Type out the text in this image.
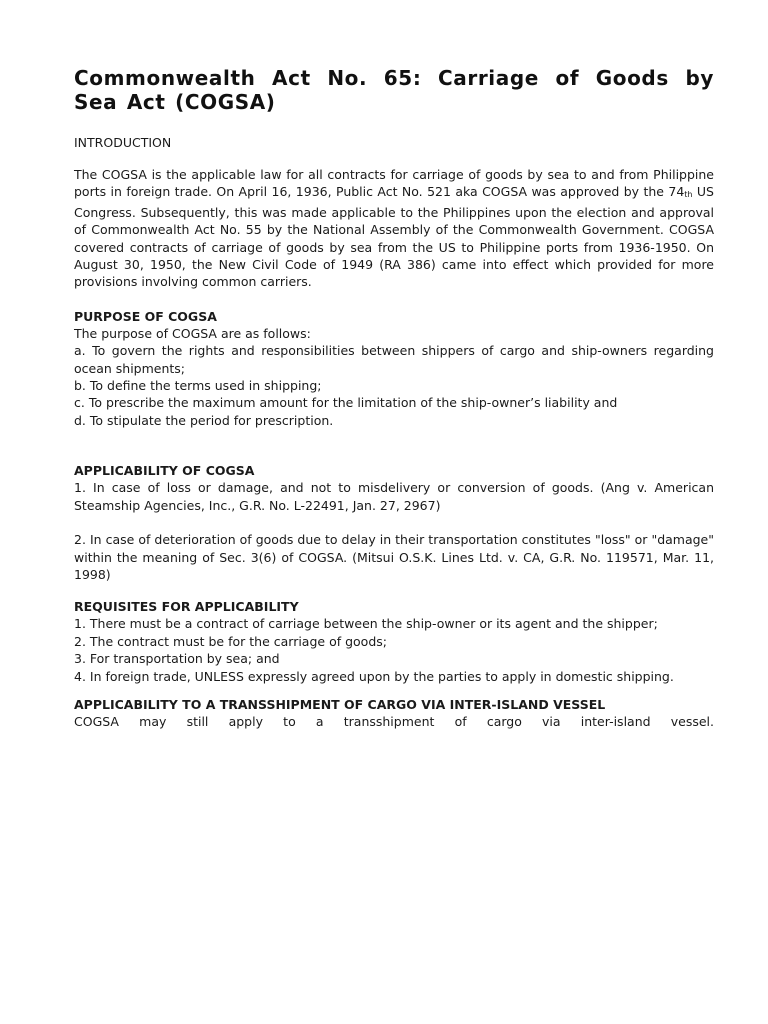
Commonwealth Act No. 65: Carriage of Goods by Sea Act (COGSA)
INTRODUCTION

The COGSA is the applicable law for all contracts for carriage of goods by sea to and from Philippine ports in foreign trade. On April 16, 1936, Public Act No. 521 aka COGSA was approved by the $74_{th}$ US Congress. Subsequently, this was made applicable to the Philippines upon the election and approval of Commonwealth Act No. 55 by the National Assembly of the Commonwealth Government. COGSA covered contracts of carriage of goods by sea from the US to Philippine ports from 1936-1950. On August 30, 1950, the New Civil Code of 1949 (RA 386) came into effect which provided for more provisions involving common carriers.

PURPOSE OF COGSA
The purpose of COGSA are as follows:
a. To govern the rights and responsibilities between shippers of cargo and ship-owners regarding ocean shipments;
b. To define the terms used in shipping;
c. To prescribe the maximum amount for the limitation of the ship-owner’s liability and
d. To stipulate the period for prescription.
APPLICABILITY OF COGSA

1. In case of loss or damage, and not to misdelivery or conversion of goods. (Ang v. American Steamship Agencies, Inc., G.R. No. L-22491, Jan. 27, 2967)

2. In case of deterioration of goods due to delay in their transportation constitutes "loss" or "damage" within the meaning of Sec. 3(6) of COGSA. (Mitsui O.S.K. Lines Ltd. v. CA, G.R. No. 119571, Mar. 11, 1998)

REQUISITES FOR APPLICABILITY
1. There must be a contract of carriage between the ship-owner or its agent and the shipper;
2. The contract must be for the carriage of goods;
3. For transportation by sea; and
4. In foreign trade, UNLESS expressly agreed upon by the parties to apply in domestic shipping.
APPLICABILITY TO A TRANSSHIPMENT OF CARGO VIA INTER-ISLAND VESSEL

COGSA may still apply to a transshipment of cargo via inter-island vessel.
